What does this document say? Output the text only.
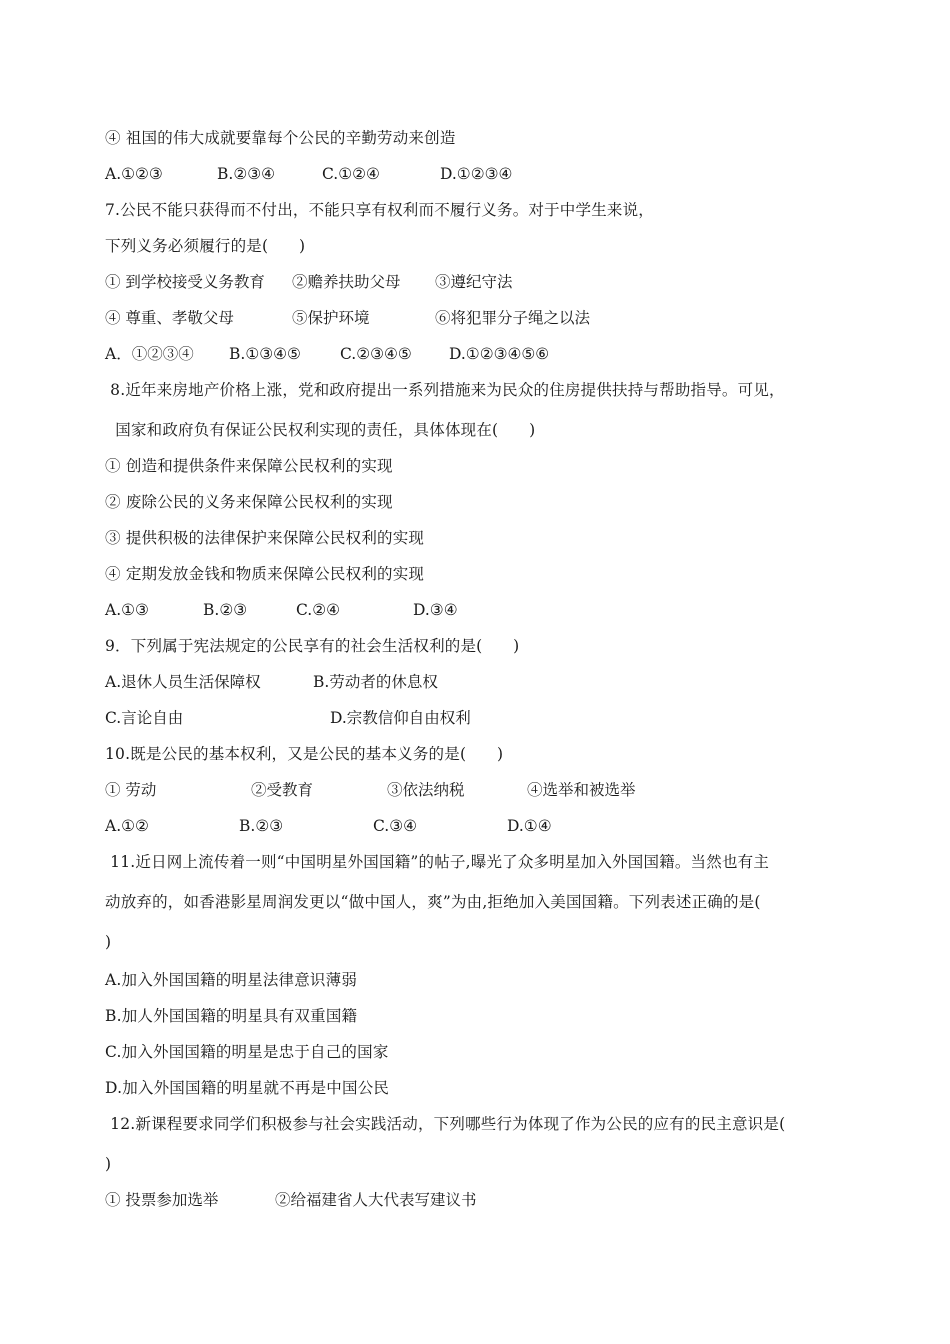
④ 祖国的伟大成就要靠每个公民的辛勤劳动来创造
A.①②③	B.②③④	C.①②④	D.①②③④
7.公民不能只获得而不付出，不能只享有权利而不履行义务。对于中学生来说，
下列义务必须履行的是(      )
① 到学校接受义务教育 ②赡养扶助父母 ③遵纪守法
④ 尊重、孝敬父母	⑤保护环境	⑥将犯罪分子绳之以法
A．①②③④ B.①③④⑤	C.②③④⑤ D.①②③④⑤⑥
8.近年来房地产价格上涨，党和政府提出一系列措施来为民众的住房提供扶持与帮助指导。可见，
国家和政府负有保证公民权利实现的责任，具体体现在(      )
① 创造和提供条件来保障公民权利的实现
② 废除公民的义务来保障公民权利的实现
③ 提供积极的法律保护来保障公民权利的实现
④ 定期发放金钱和物质来保障公民权利的实现
A.①③	B.②③	C.②④	D.③④
9．下列属于宪法规定的公民享有的社会生活权利的是(      )
A.退休人员生活保障权	B.劳动者的休息权
C.言论自由	D.宗教信仰自由权利
10.既是公民的基本权利，又是公民的基本义务的是(      )
① 劳动	②受教育	③依法纳税	④选举和被选举
A.①②	B.②③	C.③④	D.①④
11.近日网上流传着一则“中国明星外国国籍”的帖子,曝光了众多明星加入外国国籍。当然也有主
动放弃的，如香港影星周润发更以“做中国人，爽”为由,拒绝加入美国国籍。下列表述正确的是(
)
A.加入外国国籍的明星法律意识薄弱
B.加人外国国籍的明星具有双重国籍
C.加入外国国籍的明星是忠于自己的国家
D.加入外国国籍的明星就不再是中国公民
12.新课程要求同学们积极参与社会实践活动，下列哪些行为体现了作为公民的应有的民主意识是(
)
① 投票参加选举	②给福建省人大代表写建议书
